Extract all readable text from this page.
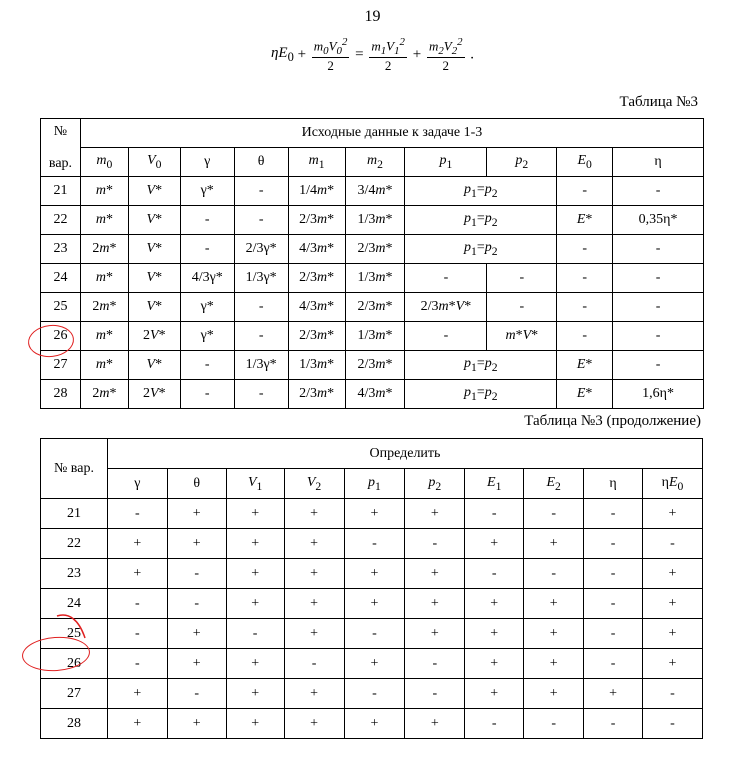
19
$\eta E_0 + \frac{m_0V_0^2}{2} = \frac{m_1V_1^2}{2} + \frac{m_2V_2^2}{2}$ .
Таблица №3
№

вар.	Исходные данные к задаче 1-3									
	$m_0$	$V_0$	γ	θ	$m_1$	$m_2$	$p_1$	$p_2$	$E_0$	η
21	m*	V*	γ*	-	1/4m*	3/4m*	$p_1=p_2$		-	-
22	m*	V*	-	-	2/3m*	1/3m*	$p_1=p_2$		E*	0,35η*
23	2m*	V*	-	2/3γ*	4/3m*	2/3m*	$p_1=p_2$		-	-
24	m*	V*	4/3γ*	1/3γ*	2/3m*	1/3m*	-	-	-	-
25	2m*	V*	γ*	-	4/3m*	2/3m*	2/3m*V*	-	-	-
26	m*	2V*	γ*	-	2/3m*	1/3m*	-	m*V*	-	-
27	m*	V*	-	1/3γ*	1/3m*	2/3m*	$p_1=p_2$		E*	-
28	2m*	2V*	-	-	2/3m*	4/3m*	$p_1=p_2$		E*	1,6η*
Таблица №3 (продолжение)
№ вар.	Определить									
	γ	θ	$V_1$	$V_2$	$p_1$	$p_2$	$E_1$	$E_2$	η	$\eta E_0$
21	-	+	+	+	+	+	-	-	-	+
22	+	+	+	+	-	-	+	+	-	-
23	+	-	+	+	+	+	-	-	-	+
24	-	-	+	+	+	+	+	+	-	+
25	-	+	-	+	-	+	+	+	-	+
26	-	+	+	-	+	-	+	+	-	+
27	+	-	+	+	-	-	+	+	+	-
28	+	+	+	+	+	+	-	-	-	-
